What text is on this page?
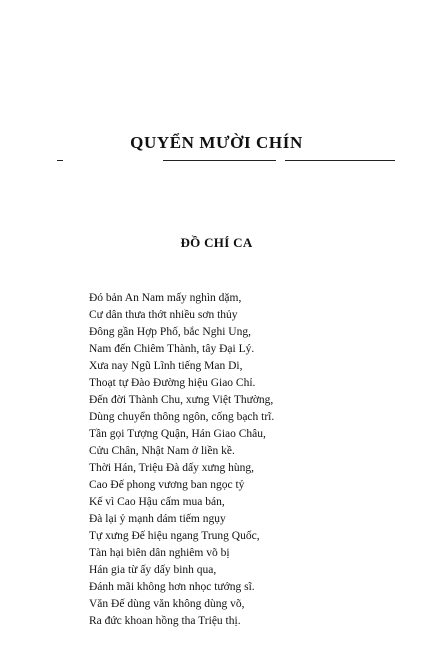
QUYỂN MƯỜI CHÍN
ĐỒ CHÍ CA
Đó bản An Nam mấy nghìn dặm,
Cư dân thưa thớt nhiều sơn thủy
Đông gần Hợp Phố, bắc Nghi Ung,
Nam đến Chiêm Thành, tây Đại Lý.
Xưa nay Ngũ Lĩnh tiếng Man Di,
Thoạt tự Đào Đường hiệu Giao Chỉ.
Đến đời Thành Chu, xưng Việt Thường,
Dùng chuyển thông ngôn, cống bạch trĩ.
Tần gọi Tượng Quận, Hán Giao Châu,
Cửu Chân, Nhật Nam ở liền kề.
Thời Hán, Triệu Đà dấy xưng hùng,
Cao Đế phong vương ban ngọc tỷ
Kế vì Cao Hậu cấm mua bán,
Đà lại ỷ mạnh dám tiếm ngụy
Tự xưng Đế hiệu ngang Trung Quốc,
Tàn hại biên dân nghiêm võ bị
Hán gia từ ấy dấy binh qua,
Đánh mãi không hơn nhọc tướng sĩ.
Văn Đế dùng văn không dùng võ,
Ra đức khoan hồng tha Triệu thị.
